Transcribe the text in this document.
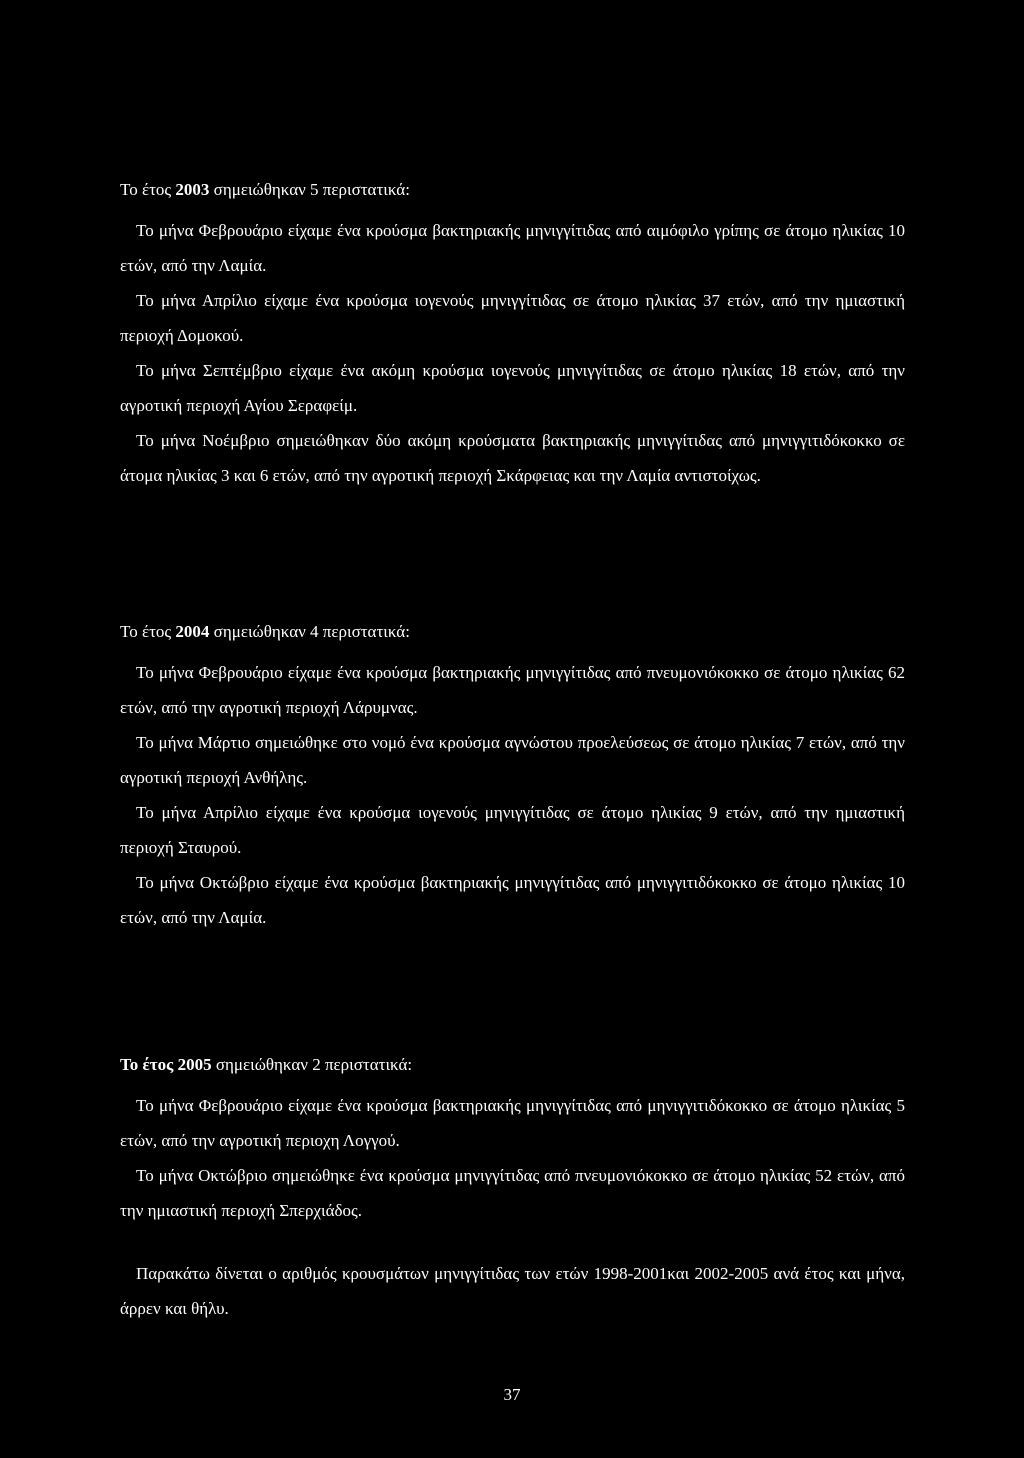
Το έτος 2003 σημειώθηκαν 5 περιστατικά:

Το μήνα Φεβρουάριο είχαμε ένα κρούσμα βακτηριακής μηνιγγίτιδας από αιμόφιλο γρίπης σε άτομο ηλικίας 10 ετών, από την Λαμία.

Το μήνα Απρίλιο είχαμε ένα κρούσμα ιογενούς μηνιγγίτιδας σε άτομο ηλικίας 37 ετών, από την ημιαστική περιοχή Δομοκού.

Το μήνα Σεπτέμβριο είχαμε ένα ακόμη κρούσμα ιογενούς μηνιγγίτιδας σε άτομο ηλικίας 18 ετών, από την αγροτική περιοχή Αγίου Σεραφείμ.

Το μήνα Νοέμβριο σημειώθηκαν δύο ακόμη κρούσματα βακτηριακής μηνιγγίτιδας από μηνιγγιτιδόκοκκο σε άτομα ηλικίας 3 και 6 ετών, από την αγροτική περιοχή Σκάρφειας και την Λαμία αντιστοίχως.

Το έτος 2004 σημειώθηκαν 4 περιστατικά:

Το μήνα Φεβρουάριο είχαμε ένα κρούσμα βακτηριακής μηνιγγίτιδας από πνευμονιόκοκκο σε άτομο ηλικίας 62 ετών, από την αγροτική περιοχή Λάρυμνας.

Το μήνα Μάρτιο σημειώθηκε στο νομό ένα κρούσμα αγνώστου προελεύσεως σε άτομο ηλικίας 7 ετών, από την αγροτική περιοχή Ανθήλης.

Το μήνα Απρίλιο είχαμε ένα κρούσμα ιογενούς μηνιγγίτιδας σε άτομο ηλικίας 9 ετών, από την ημιαστική περιοχή Σταυρού.

Το μήνα Οκτώβριο είχαμε ένα κρούσμα βακτηριακής μηνιγγίτιδας από μηνιγγιτιδόκοκκο σε άτομο ηλικίας 10 ετών, από την Λαμία.

Το έτος 2005 σημειώθηκαν 2 περιστατικά:

Το μήνα Φεβρουάριο είχαμε ένα κρούσμα βακτηριακής μηνιγγίτιδας από μηνιγγιτιδόκοκκο σε άτομο ηλικίας 5 ετών, από την αγροτική περιοχη Λογγού.

Το μήνα Οκτώβριο σημειώθηκε ένα κρούσμα μηνιγγίτιδας από πνευμονιόκοκκο σε άτομο ηλικίας 52 ετών, από την ημιαστική περιοχή Σπερχιάδος.

Παρακάτω δίνεται ο αριθμός κρουσμάτων μηνιγγίτιδας των ετών 1998-2001και 2002-2005 ανά έτος και μήνα, άρρεν και θήλυ.

37
